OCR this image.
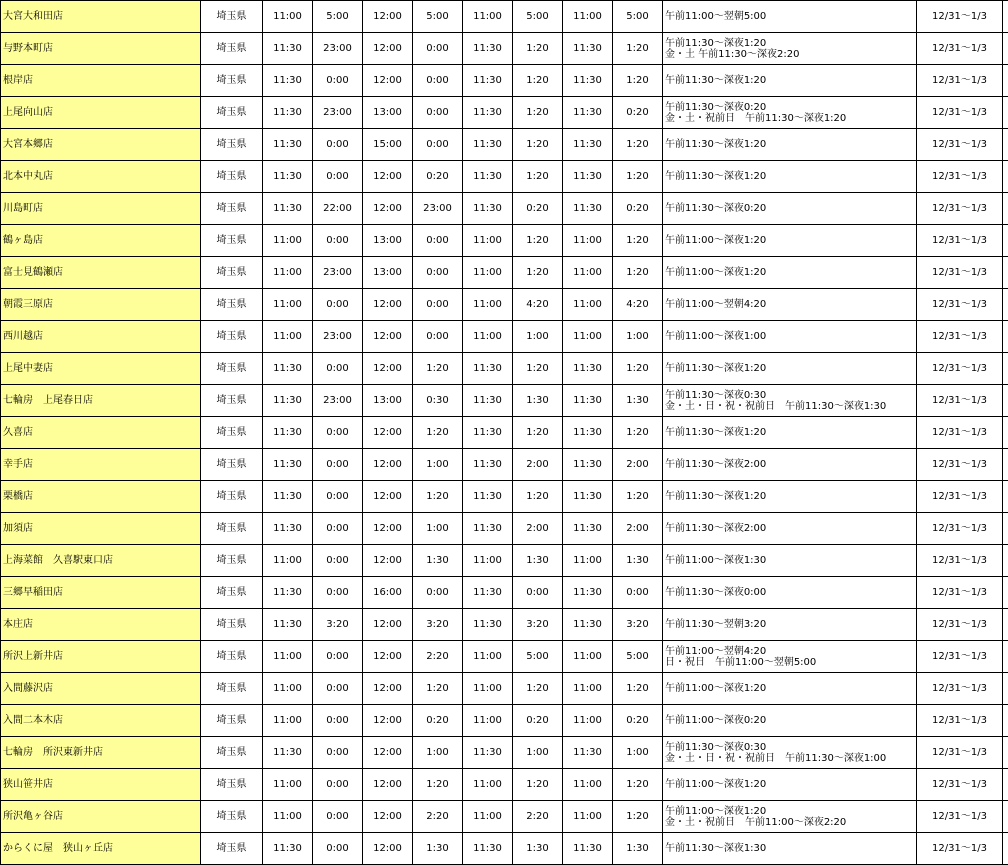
大宮大和田店	埼玉県	11:00	5:00	12:00	5:00	11:00	5:00	11:00	5:00	午前11:00～翌朝5:00	12/31～1/3	
与野本町店	埼玉県	11:30	23:00	12:00	0:00	11:30	1:20	11:30	1:20	午前11:30～深夜1:20
金・土 午前11:30～深夜2:20	12/31～1/3	
根岸店	埼玉県	11:30	0:00	12:00	0:00	11:30	1:20	11:30	1:20	午前11:30～深夜1:20	12/31～1/3	
上尾向山店	埼玉県	11:30	23:00	13:00	0:00	11:30	1:20	11:30	0:20	午前11:30～深夜0:20
金・土・祝前日　午前11:30～深夜1:20	12/31～1/3	
大宮本郷店	埼玉県	11:30	0:00	15:00	0:00	11:30	1:20	11:30	1:20	午前11:30～深夜1:20	12/31～1/3	
北本中丸店	埼玉県	11:30	0:00	12:00	0:20	11:30	1:20	11:30	1:20	午前11:30～深夜1:20	12/31～1/3	
川島町店	埼玉県	11:30	22:00	12:00	23:00	11:30	0:20	11:30	0:20	午前11:30～深夜0:20	12/31～1/3	
鶴ヶ島店	埼玉県	11:00	0:00	13:00	0:00	11:00	1:20	11:00	1:20	午前11:00～深夜1:20	12/31～1/3	
富士見鶴瀬店	埼玉県	11:00	23:00	13:00	0:00	11:00	1:20	11:00	1:20	午前11:00～深夜1:20	12/31～1/3	
朝霞三原店	埼玉県	11:00	0:00	12:00	0:00	11:00	4:20	11:00	4:20	午前11:00～翌朝4:20	12/31～1/3	
西川越店	埼玉県	11:00	23:00	12:00	0:00	11:00	1:00	11:00	1:00	午前11:00～深夜1:00	12/31～1/3	
上尾中妻店	埼玉県	11:30	0:00	12:00	1:20	11:30	1:20	11:30	1:20	午前11:30～深夜1:20	12/31～1/3	
七輪房　上尾春日店	埼玉県	11:30	23:00	13:00	0:30	11:30	1:30	11:30	1:30	午前11:30～深夜0:30
金・土・日・祝・祝前日　午前11:30～深夜1:30	12/31～1/3	
久喜店	埼玉県	11:30	0:00	12:00	1:20	11:30	1:20	11:30	1:20	午前11:30～深夜1:20	12/31～1/3	
幸手店	埼玉県	11:30	0:00	12:00	1:00	11:30	2:00	11:30	2:00	午前11:30～深夜2:00	12/31～1/3	
栗橋店	埼玉県	11:30	0:00	12:00	1:20	11:30	1:20	11:30	1:20	午前11:30～深夜1:20	12/31～1/3	
加須店	埼玉県	11:30	0:00	12:00	1:00	11:30	2:00	11:30	2:00	午前11:30～深夜2:00	12/31～1/3	
上海菜館　久喜駅東口店	埼玉県	11:00	0:00	12:00	1:30	11:00	1:30	11:00	1:30	午前11:00～深夜1:30	12/31～1/3	
三郷早稲田店	埼玉県	11:30	0:00	16:00	0:00	11:30	0:00	11:30	0:00	午前11:30～深夜0:00	12/31～1/3	
本庄店	埼玉県	11:30	3:20	12:00	3:20	11:30	3:20	11:30	3:20	午前11:30～翌朝3:20	12/31～1/3	
所沢上新井店	埼玉県	11:00	0:00	12:00	2:20	11:00	5:00	11:00	5:00	午前11:00～翌朝4:20
日・祝日　午前11:00～翌朝5:00	12/31～1/3	
入間藤沢店	埼玉県	11:00	0:00	12:00	1:20	11:00	1:20	11:00	1:20	午前11:00～深夜1:20	12/31～1/3	
入間二本木店	埼玉県	11:00	0:00	12:00	0:20	11:00	0:20	11:00	0:20	午前11:00～深夜0:20	12/31～1/3	
七輪房　所沢東新井店	埼玉県	11:30	0:00	12:00	1:00	11:30	1:00	11:30	1:00	午前11:30～深夜0:30
金・土・日・祝・祝前日　午前11:30～深夜1:00	12/31～1/3	
狭山笹井店	埼玉県	11:00	0:00	12:00	1:20	11:00	1:20	11:00	1:20	午前11:00～深夜1:20	12/31～1/3	
所沢亀ヶ谷店	埼玉県	11:00	0:00	12:00	2:20	11:00	2:20	11:00	1:20	午前11:00～深夜1:20
金・土・祝前日　午前11:00～深夜2:20	12/31～1/3	
からくに屋　狭山ヶ丘店	埼玉県	11:30	0:00	12:00	1:30	11:30	1:30	11:30	1:30	午前11:30～深夜1:30	12/31～1/3	
